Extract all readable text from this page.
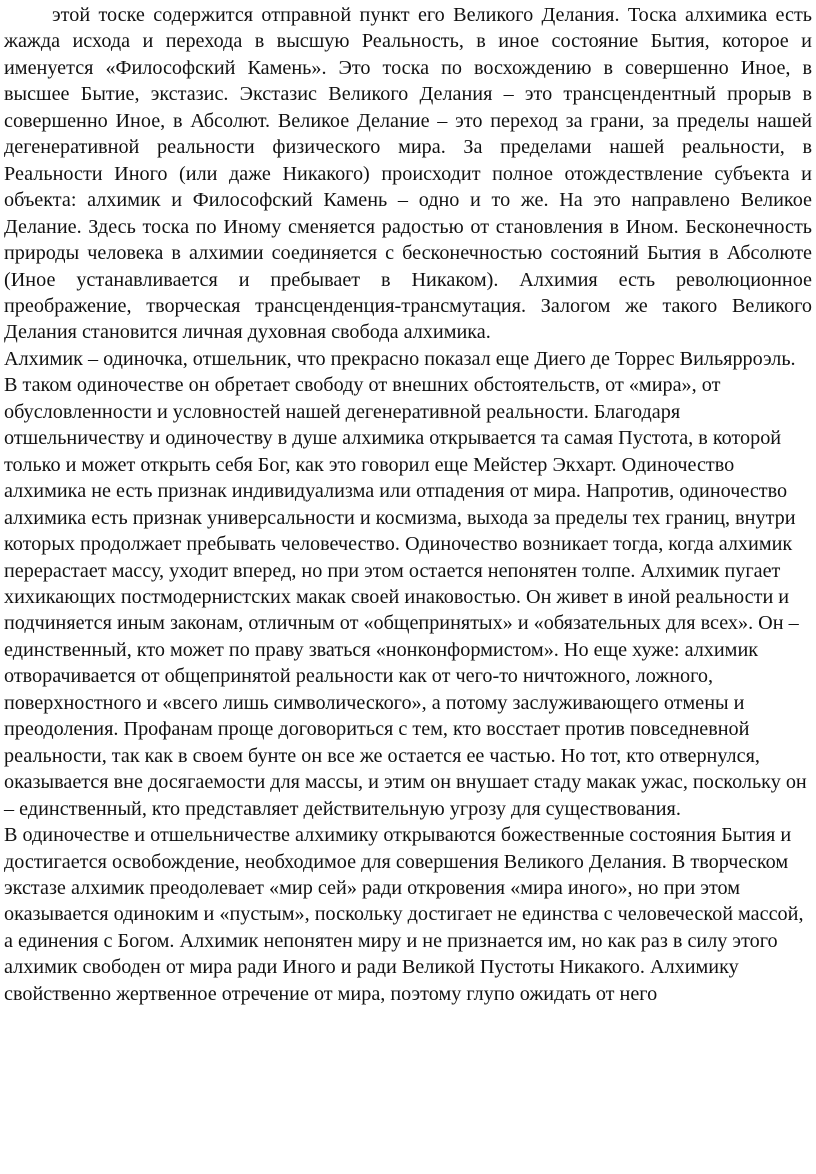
этой тоске содержится отправной пункт его Великого Делания. Тоска алхимика есть жажда исхода и перехода в высшую Реальность, в иное состояние Бытия, которое и именуется «Философский Камень». Это тоска по восхождению в совершенно Иное, в высшее Бытие, экстазис. Экстазис Великого Делания – это трансцендентный прорыв в совершенно Иное, в Абсолют. Великое Делание – это переход за грани, за пределы нашей дегенеративной реальности физического мира. За пределами нашей реальности, в Реальности Иного (или даже Никакого) происходит полное отождествление субъекта и объекта: алхимик и Философский Камень – одно и то же. На это направлено Великое Делание. Здесь тоска по Иному сменяется радостью от становления в Ином. Бесконечность природы человека в алхимии соединяется с бесконечностью состояний Бытия в Абсолюте (Иное устанавливается и пребывает в Никаком). Алхимия есть революционное преображение, творческая трансценденция-трансмутация. Залогом же такого Великого Делания становится личная духовная свобода алхимика.

Алхимик – одиночка, отшельник, что прекрасно показал еще Диего де Торрес Вильярроэль. В таком одиночестве он обретает свободу от внешних обстоятельств, от «мира», от обусловленности и условностей нашей дегенеративной реальности. Благодаря отшельничеству и одиночеству в душе алхимика открывается та самая Пустота, в которой только и может открыть себя Бог, как это говорил еще Мейстер Экхарт. Одиночество алхимика не есть признак индивидуализма или отпадения от мира. Напротив, одиночество алхимика есть признак универсальности и космизма, выхода за пределы тех границ, внутри которых продолжает пребывать человечество. Одиночество возникает тогда, когда алхимик перерастает массу, уходит вперед, но при этом остается непонятен толпе. Алхимик пугает хихикающих постмодернистских макак своей инаковостью. Он живет в иной реальности и подчиняется иным законам, отличным от «общепринятых» и «обязательных для всех». Он – единственный, кто может по праву зваться «нонконформистом». Но еще хуже: алхимик отворачивается от общепринятой реальности как от чего-то ничтожного, ложного, поверхностного и «всего лишь символического», а потому заслуживающего отмены и преодоления. Профанам проще договориться с тем, кто восстает против повседневной реальности, так как в своем бунте он все же остается ее частью. Но тот, кто отвернулся, оказывается вне досягаемости для массы, и этим он внушает стаду макак ужас, поскольку он – единственный, кто представляет действительную угрозу для существования.

В одиночестве и отшельничестве алхимику открываются божественные состояния Бытия и достигается освобождение, необходимое для совершения Великого Делания. В творческом экстазе алхимик преодолевает «мир сей» ради откровения «мира иного», но при этом оказывается одиноким и «пустым», поскольку достигает не единства с человеческой массой, а единения с Богом. Алхимик непонятен миру и не признается им, но как раз в силу этого алхимик свободен от мира ради Иного и ради Великой Пустоты Никакого. Алхимику свойственно жертвенное отречение от мира, поэтому глупо ожидать от него
